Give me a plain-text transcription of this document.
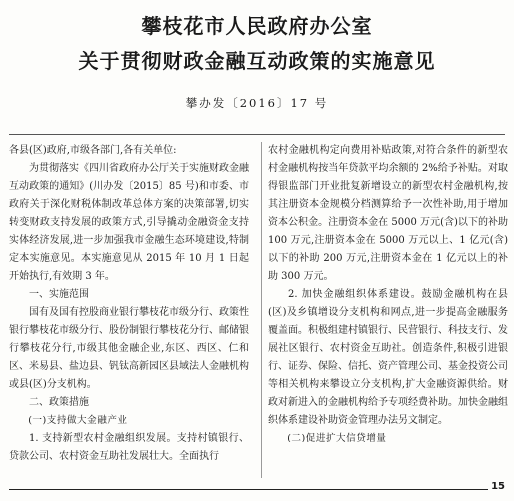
攀枝花市人民政府办公室
关于贯彻财政金融互动政策的实施意见
攀办发〔2016〕17 号

各县(区)政府,市级各部门,各有关单位:

为贯彻落实《四川省政府办公厅关于实施财政金融互动政策的通知》(川办发〔2015〕85 号)和市委、市政府关于深化财税体制改革总体方案的决策部署,切实转变财政支持发展的政策方式,引导撬动金融资金支持实体经济发展,进一步加强我市金融生态环境建设,特制定本实施意见。本实施意见从 2015 年 10 月 1 日起开始执行,有效期 3 年。

一、实施范围

国有及国有控股商业银行攀枝花市级分行、政策性银行攀枝花市级分行、股份制银行攀枝花分行、邮储银行攀枝花分行,市级其他金融企业,东区、西区、仁和区、米易县、盐边县、钒钛高新园区县域法人金融机构或县(区)分支机构。

二、政策措施

(一)支持做大金融产业

1. 支持新型农村金融组织发展。支持村镇银行、贷款公司、农村资金互助社发展壮大。全面执行

农村金融机构定向费用补贴政策,对符合条件的新型农村金融机构按当年贷款平均余额的 2%给予补贴。对取得银监部门开业批复新增设立的新型农村金融机构,按其注册资本金规模分档测算给予一次性补助,用于增加资本公积金。注册资本金在 5000 万元(含)以下的补助 100 万元,注册资本金在 5000 万元以上、1 亿元(含)以下的补助 200 万元,注册资本金在 1 亿元以上的补助 300 万元。

2. 加快金融组织体系建设。鼓励金融机构在县(区)及乡镇增设分支机构和网点,进一步提高金融服务覆盖面。积极组建村镇银行、民营银行、科技支行、发展社区银行、农村资金互助社。创造条件,积极引进银行、证券、保险、信托、资产管理公司、基金投资公司等相关机构来攀设立分支机构,扩大金融资源供给。财政对新进入的金融机构给予专项经费补助。加快金融组织体系建设补助资金管理办法另文制定。

(二)促进扩大信贷增量

15
